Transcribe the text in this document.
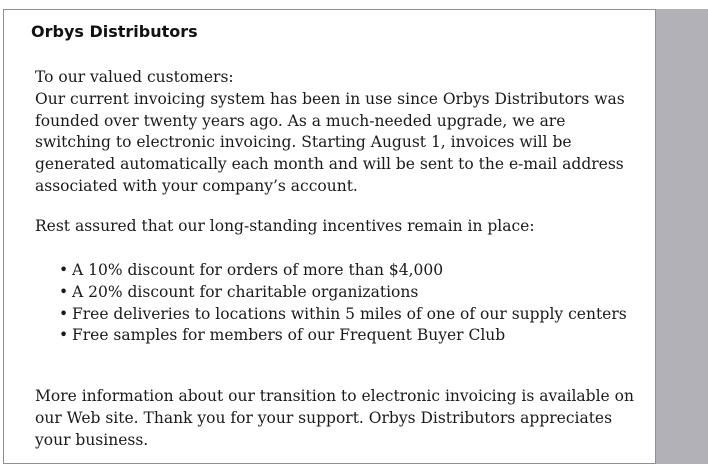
Orbys Distributors
To our valued customers:
Our current invoicing system has been in use since Orbys Distributors was founded over twenty years ago. As a much-needed upgrade, we are switching to electronic invoicing. Starting August 1, invoices will be generated automatically each month and will be sent to the e-mail address associated with your company’s account.

Rest assured that our long-standing incentives remain in place:

• A 10% discount for orders of more than $4,000
• A 20% discount for charitable organizations
• Free deliveries to locations within 5 miles of one of our supply centers
• Free samples for members of our Frequent Buyer Club

More information about our transition to electronic invoicing is available on our Web site. Thank you for your support. Orbys Distributors appreciates your business.
